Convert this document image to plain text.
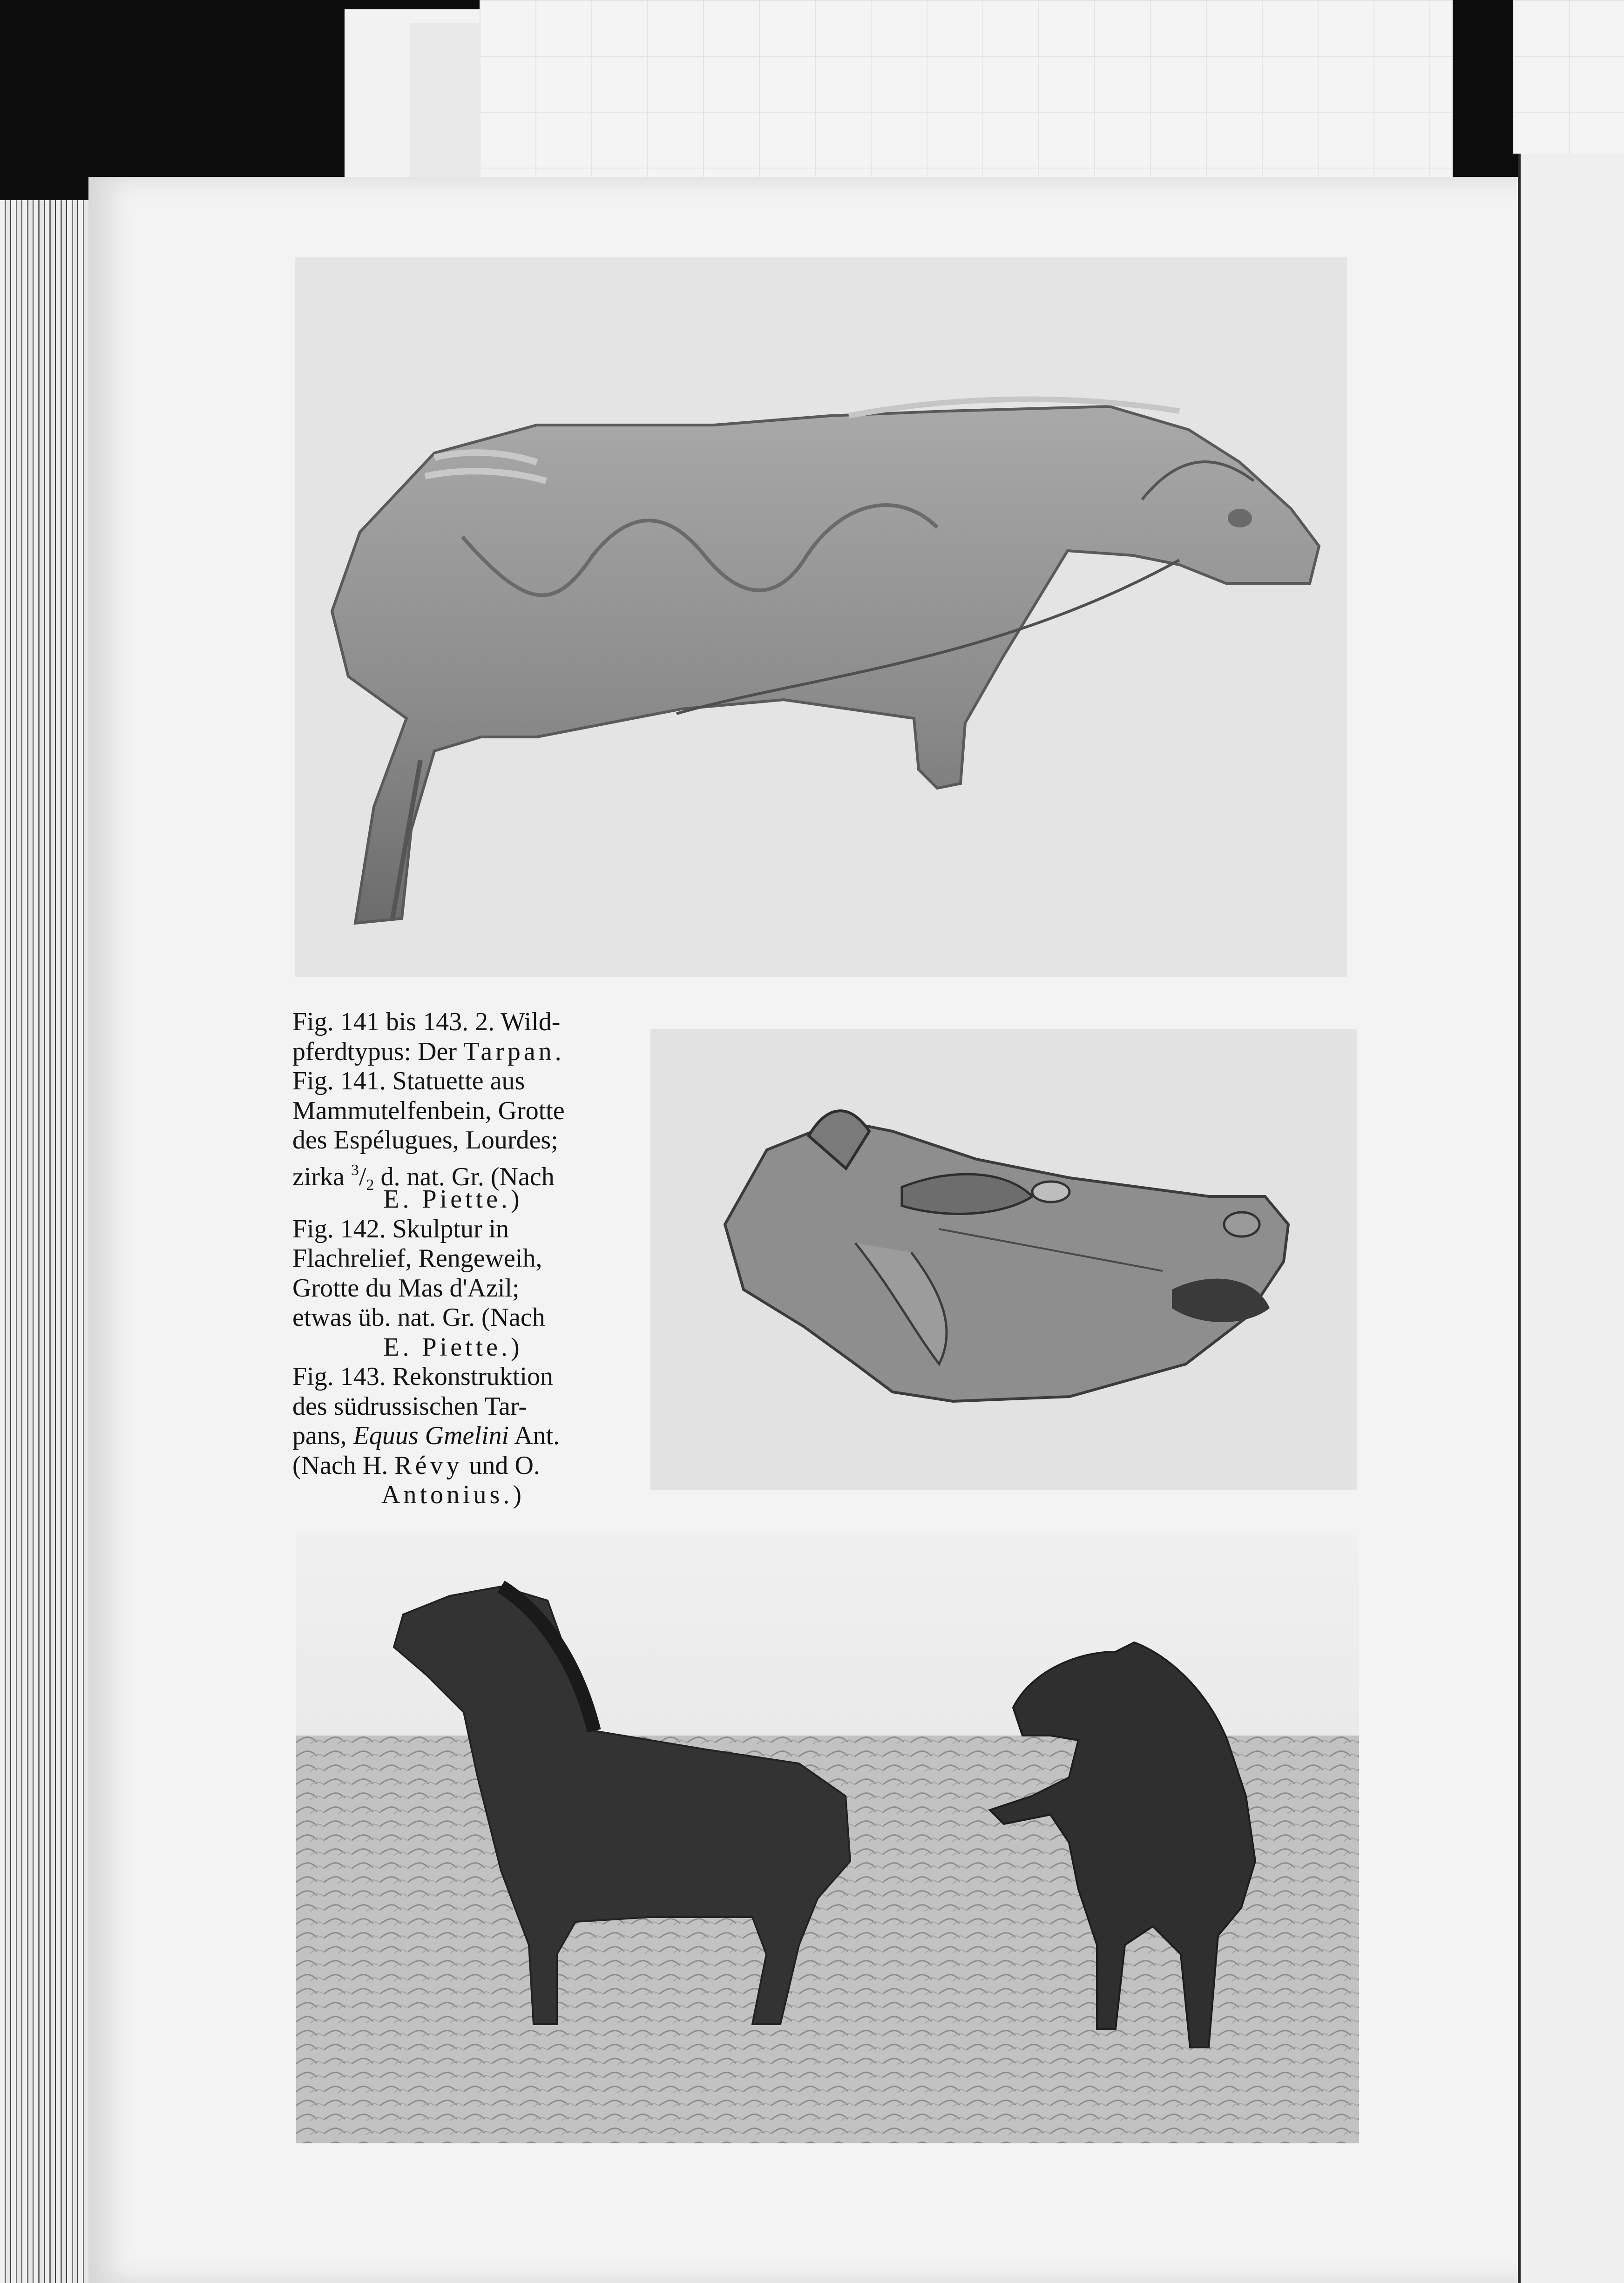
Fig. 141 bis 143. 2. Wild-
pferdtypus: Der Tarpan.
Fig. 141. Statuette aus
Mammutelfenbein, Grotte
des Espélugues, Lourdes;
zirka $^3/_2$ d. nat. Gr. (Nach
E. Piette.)
Fig. 142. Skulptur in
Flachrelief, Rengeweih,
Grotte du Mas d'Azil;
etwas üb. nat. Gr. (Nach
E. Piette.)
Fig. 143. Rekonstruktion
des südrussischen Tar-
pans, Equus Gmelini Ant.
(Nach H. Révy und O.
Antonius.)
